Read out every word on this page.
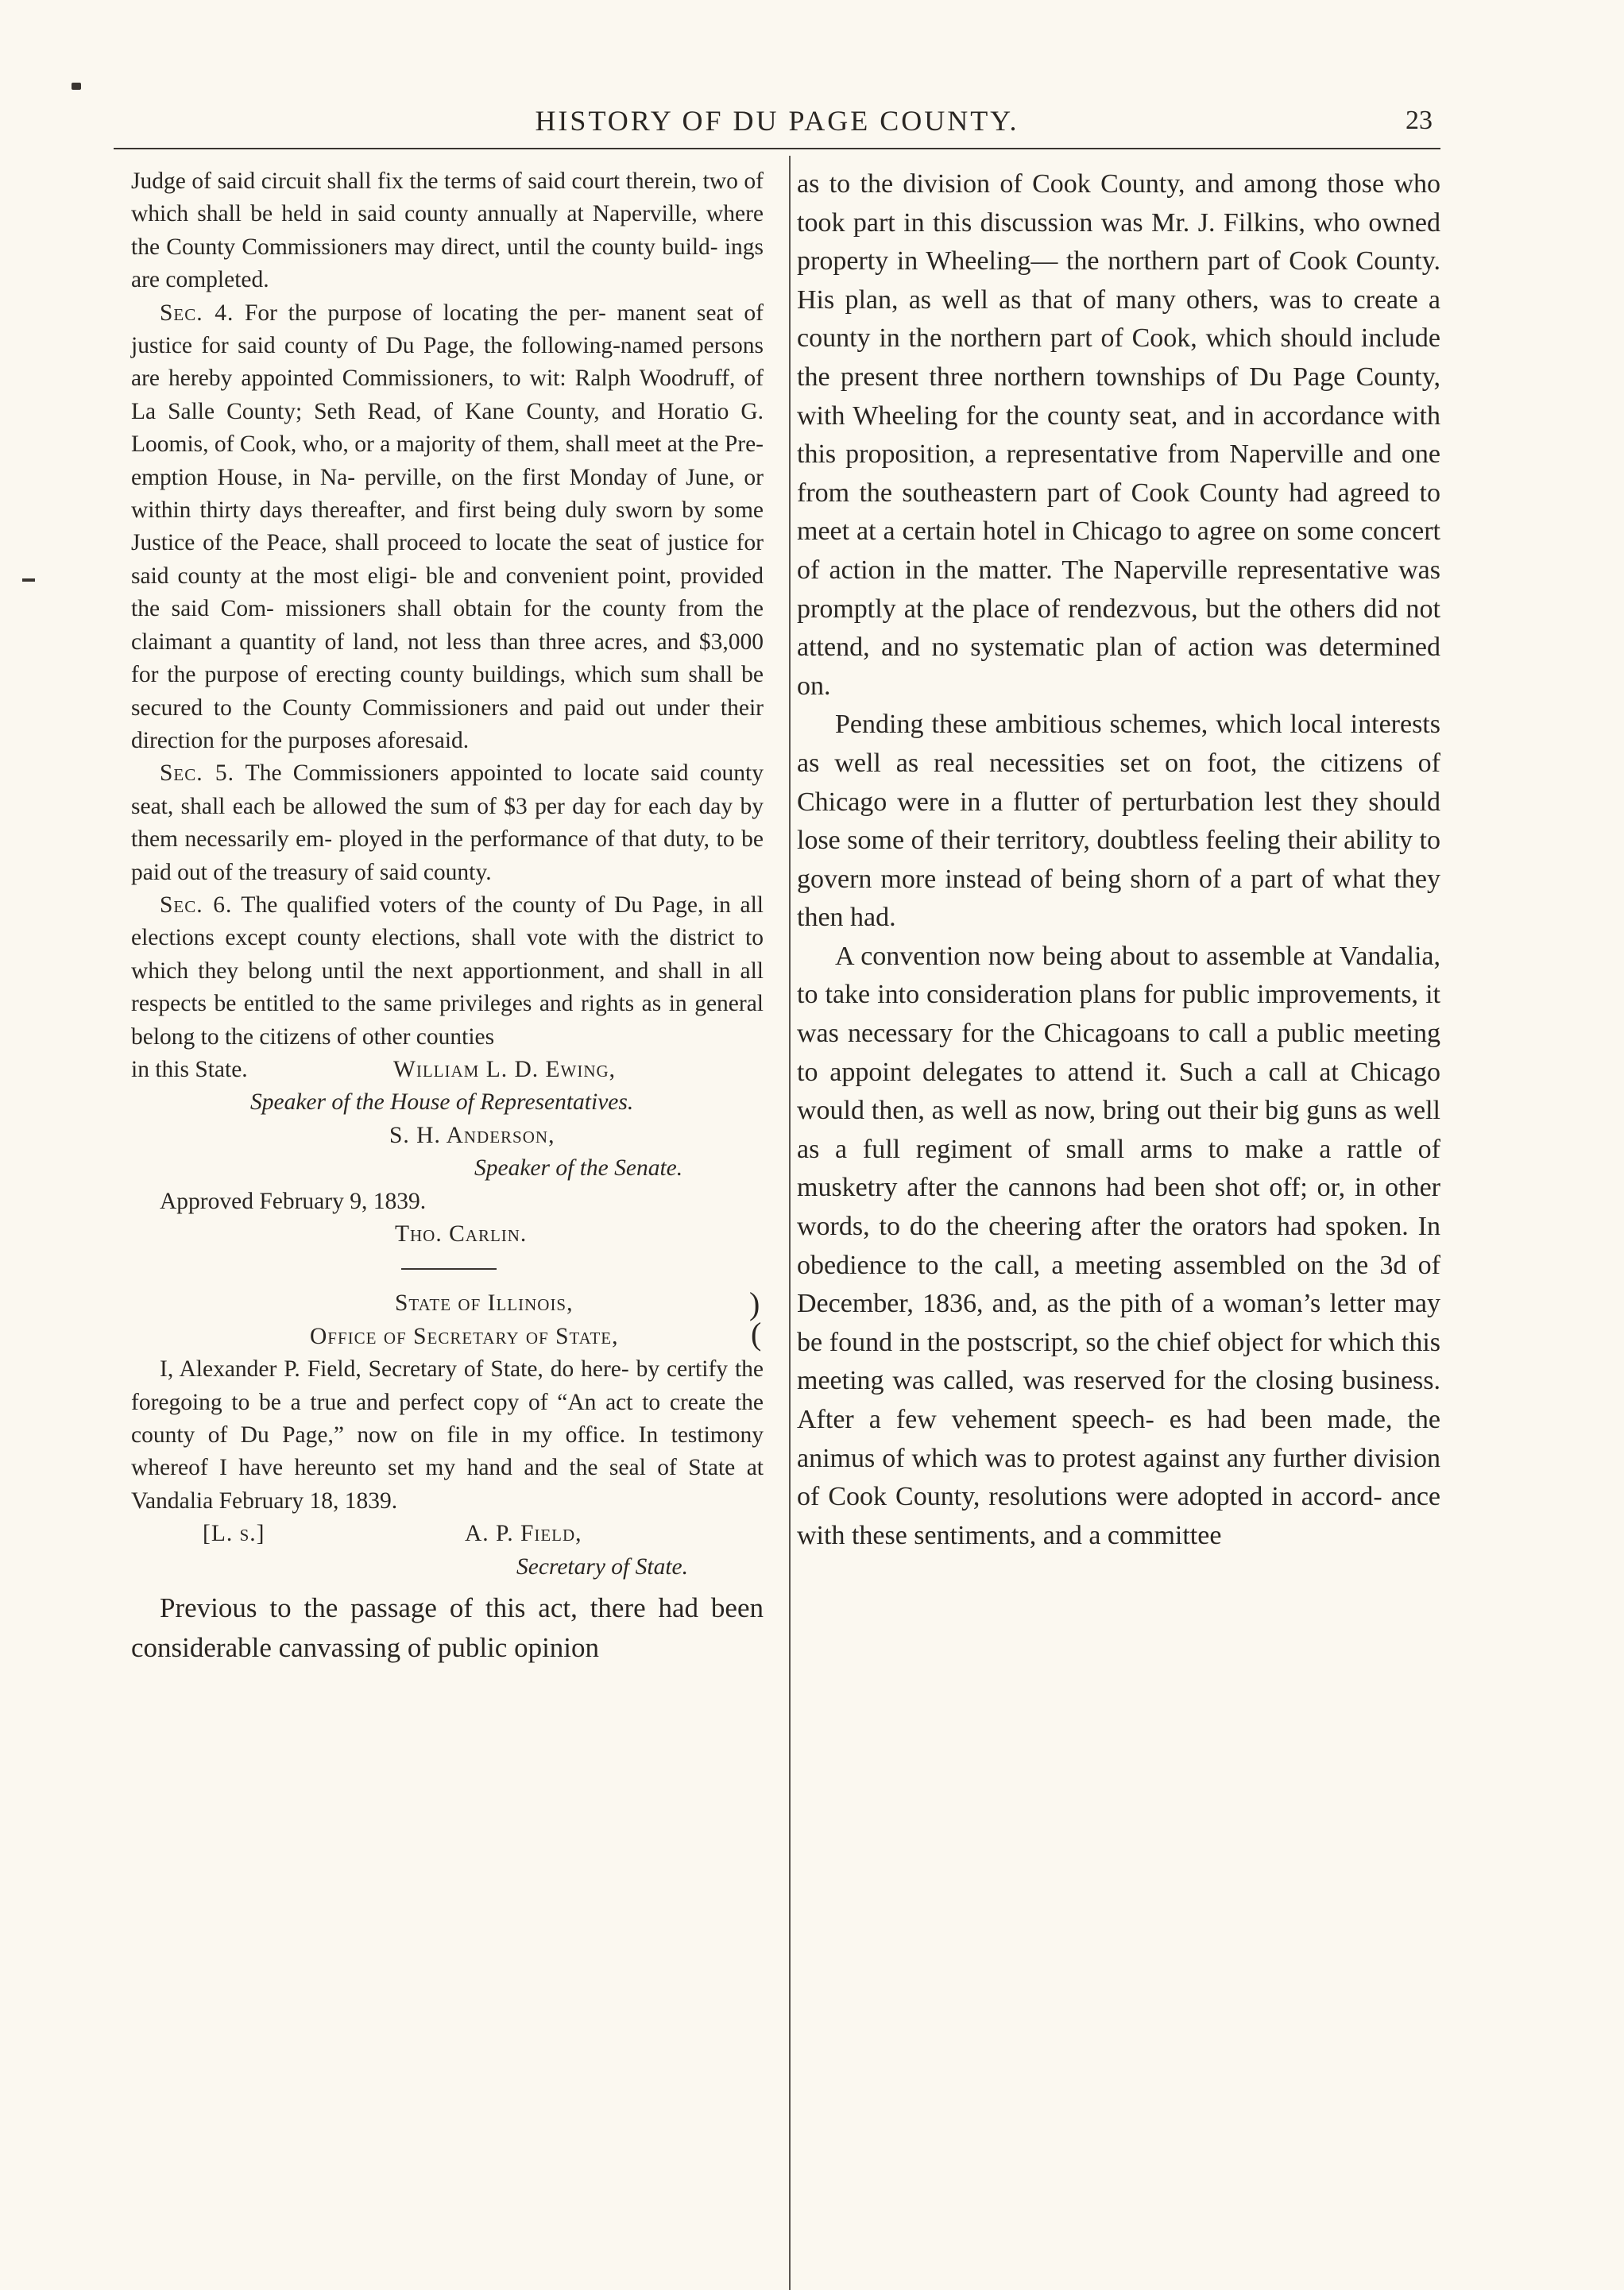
HISTORY OF DU PAGE COUNTY.	23

Judge of said circuit shall fix the terms of said court therein, two of which shall be held in said county annually at Naperville, where the County Commissioners may direct, until the county build- ings are completed.

Sec. 4. For the purpose of locating the per- manent seat of justice for said county of Du Page, the following-named persons are hereby appointed Commissioners, to wit: Ralph Woodruff, of La Salle County; Seth Read, of Kane County, and Horatio G. Loomis, of Cook, who, or a majority of them, shall meet at the Pre-emption House, in Na- perville, on the first Monday of June, or within thirty days thereafter, and first being duly sworn by some Justice of the Peace, shall proceed to locate the seat of justice for said county at the most eligi- ble and convenient point, provided the said Com- missioners shall obtain for the county from the claimant a quantity of land, not less than three acres, and $3,000 for the purpose of erecting county buildings, which sum shall be secured to the County Commissioners and paid out under their direction for the purposes aforesaid.

Sec. 5. The Commissioners appointed to locate said county seat, shall each be allowed the sum of $3 per day for each day by them necessarily em- ployed in the performance of that duty, to be paid out of the treasury of said county.

Sec. 6. The qualified voters of the county of Du Page, in all elections except county elections, shall vote with the district to which they belong until the next apportionment, and shall in all respects be entitled to the same privileges and rights as in general belong to the citizens of other counties

in this State.	William L. D. Ewing,
Speaker of the House of Representatives.
S. H. Anderson,
Speaker of the Senate.
Approved February 9, 1839.
Tho. Carlin.
State of Illinois,	)
Office of Secretary of State,	(

I, Alexander P. Field, Secretary of State, do here- by certify the foregoing to be a true and perfect copy of “An act to create the county of Du Page,” now on file in my office. In testimony whereof I have hereunto set my hand and the seal of State at Vandalia February 18, 1839.

[L. s.]	A. P. Field,
Secretary of State.

Previous to the passage of this act, there had been considerable canvassing of public opinion

as to the division of Cook County, and among those who took part in this discussion was Mr. J. Filkins, who owned property in Wheeling— the northern part of Cook County. His plan, as well as that of many others, was to create a county in the northern part of Cook, which should include the present three northern townships of Du Page County, with Wheeling for the county seat, and in accordance with this proposition, a representative from Naperville and one from the southeastern part of Cook County had agreed to meet at a certain hotel in Chicago to agree on some concert of action in the matter. The Naperville representative was promptly at the place of rendezvous, but the others did not attend, and no systematic plan of action was determined on.

Pending these ambitious schemes, which local interests as well as real necessities set on foot, the citizens of Chicago were in a flutter of perturbation lest they should lose some of their territory, doubtless feeling their ability to govern more instead of being shorn of a part of what they then had.

A convention now being about to assemble at Vandalia, to take into consideration plans for public improvements, it was necessary for the Chicagoans to call a public meeting to appoint delegates to attend it. Such a call at Chicago would then, as well as now, bring out their big guns as well as a full regiment of small arms to make a rattle of musketry after the cannons had been shot off; or, in other words, to do the cheering after the orators had spoken. In obedience to the call, a meeting assembled on the 3d of December, 1836, and, as the pith of a woman’s letter may be found in the postscript, so the chief object for which this meeting was called, was reserved for the closing business. After a few vehement speech- es had been made, the animus of which was to protest against any further division of Cook County, resolutions were adopted in accord- ance with these sentiments, and a committee
